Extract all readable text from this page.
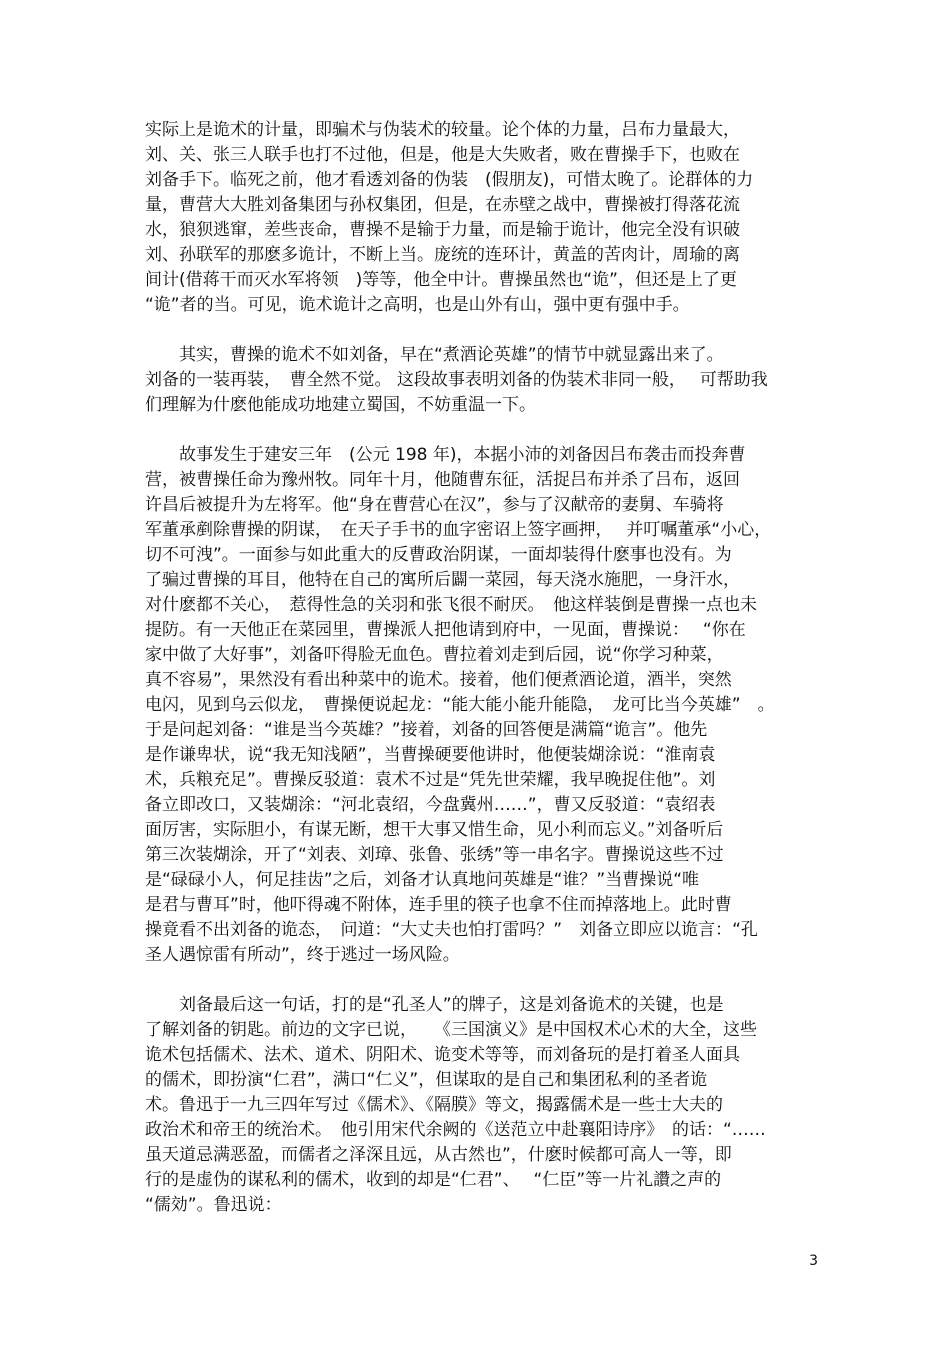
实际上是诡术的计量，即骗术与伪装术的较量。论个体的力量，吕布力量最大，
刘、关、张三人联手也打不过他，但是，他是大失败者，败在曹操手下，也败在
刘备手下。临死之前，他才看透刘备的伪装　(假朋友)，可惜太晚了。论群体的力
量，曹营大大胜刘备集团与孙权集团，但是，在赤壁之战中，曹操被打得落花流
水，狼狈逃窜，差些丧命，曹操不是输于力量，而是输于诡计，他完全没有识破
刘、孙联军的那麽多诡计，不断上当。庞统的连环计，黄盖的苦肉计，周瑜的离
间计(借蒋干而灭水军将领　)等等，他全中计。曹操虽然也“诡”，但还是上了更
“诡”者的当。可见，诡术诡计之高明，也是山外有山，强中更有强中手。
　　其实，曹操的诡术不如刘备，早在“煮酒论英雄”的情节中就显露出来了。
刘备的一装再装，　曹全然不觉。 这段故事表明刘备的伪装术非同一般，　 可帮助我
们理解为什麽他能成功地建立蜀国，不妨重温一下。
　　故事发生于建安三年　(公元 198 年)，本据小沛的刘备因吕布袭击而投奔曹
营，被曹操任命为豫州牧。同年十月，他随曹东征，活捉吕布并杀了吕布，返回
许昌后被提升为左将军。他“身在曹营心在汉”，参与了汉献帝的妻舅、车骑将
军董承剷除曹操的阴谋，　在天子手书的血字密诏上签字画押，　 并叮嘱董承“小心，
切不可洩”。一面参与如此重大的反曹政治阴谋，一面却装得什麽事也没有。为
了骗过曹操的耳目，他特在自己的寓所后闢一菜园，每天浇水施肥，一身汗水，
对什麽都不关心，　惹得性急的关羽和张飞很不耐厌。　他这样装倒是曹操一点也未
提防。有一天他正在菜园里，曹操派人把他请到府中，一见面，曹操说：　 “你在
家中做了大好事”，刘备吓得脸无血色。曹拉着刘走到后园，说“你学习种菜，
真不容易”，果然没有看出种菜中的诡术。接着，他们便煮酒论道，酒半，突然
电闪，见到乌云似龙，　曹操便说起龙：“能大能小能升能隐，　龙可比当今英雄”　。
于是问起刘备：“谁是当今英雄？”接着，刘备的回答便是满篇“诡言”。他先
是作谦卑状，说“我无知浅陋”，当曹操硬要他讲时，他便装煳涂说：“淮南袁
术，兵粮充足”。曹操反驳道：袁术不过是“凭先世荣耀，我早晚捉住他”。刘
备立即改口，又装煳涂：“河北袁绍，今盘冀州……”，曹又反驳道：“袁绍表
面厉害，实际胆小，有谋无断，想干大事又惜生命，见小利而忘义。”刘备听后
第三次装煳涂，开了“刘表、刘璋、张鲁、张绣”等一串名字。曹操说这些不过
是“碌碌小人，何足挂齿”之后，刘备才认真地问英雄是“谁？”当曹操说“唯
是君与曹耳”时，他吓得魂不附体，连手里的筷子也拿不住而掉落地上。此时曹
操竟看不出刘备的诡态，　问道：“大丈夫也怕打雷吗？”　刘备立即应以诡言：“孔
圣人遇惊雷有所动”，终于逃过一场风险。
　　刘备最后这一句话，打的是“孔圣人”的牌子，这是刘备诡术的关键，也是
了解刘备的钥匙。前边的文字已说，　　《三国演义》是中国权术心术的大全，这些
诡术包括儒术、法术、道术、阴阳术、诡变术等等，而刘备玩的是打着圣人面具
的儒术，即扮演“仁君”，满口“仁义”，但谋取的是自己和集团私利的圣者诡
术。鲁迅于一九三四年写过《儒术》、《隔膜》等文，揭露儒术是一些士大夫的
政治术和帝王的统治术。　他引用宋代余阙的《送范立中赴襄阳诗序》　的话：“……
虽天道忌满恶盈，而儒者之泽深且远，从古然也”，什麽时候都可高人一等，即
行的是虚伪的谋私利的儒术，收到的却是“仁君”、　 “仁臣”等一片礼讚之声的
“儒効”。鲁迅说：
3
